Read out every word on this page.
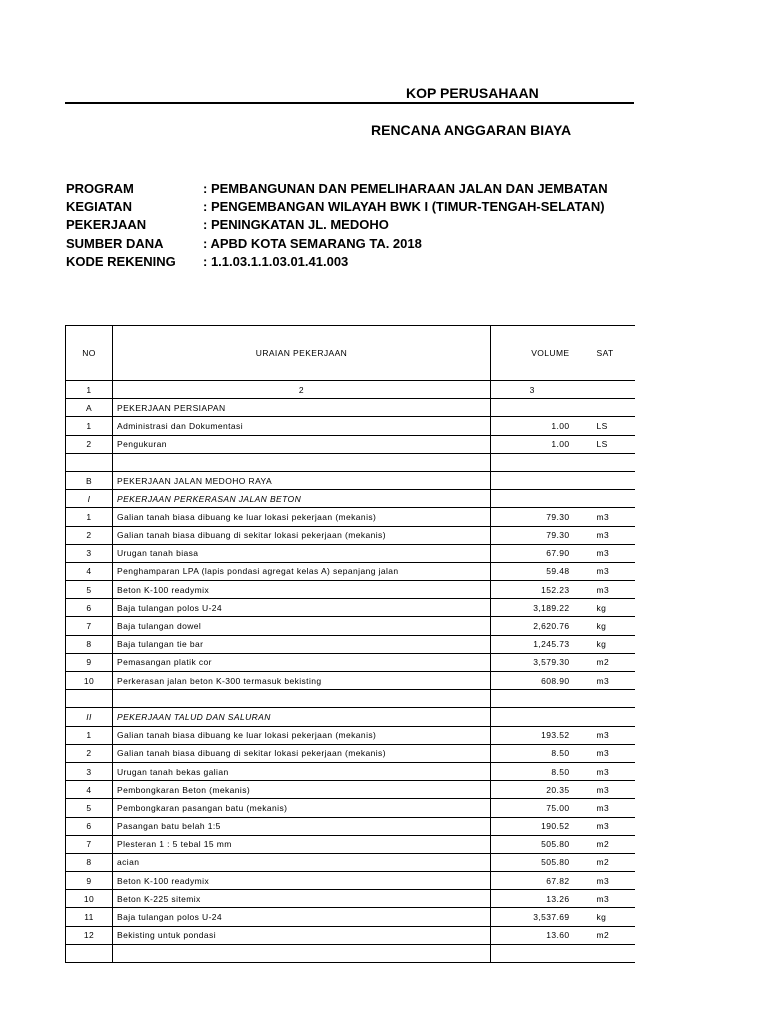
KOP PERUSAHAAN
RENCANA ANGGARAN BIAYA
PROGRAM	: PEMBANGUNAN DAN PEMELIHARAAN JALAN DAN JEMBATAN
KEGIATAN	: PENGEMBANGAN WILAYAH BWK I (TIMUR-TENGAH-SELATAN)
PEKERJAAN	: PENINGKATAN JL. MEDOHO
SUMBER DANA	: APBD KOTA SEMARANG TA. 2018
KODE REKENING : 1.1.03.1.1.03.01.41.003
NO	URAIAN PEKERJAAN	VOLUME	SAT
1	2	3	
A	PEKERJAAN PERSIAPAN		
1	Administrasi dan Dokumentasi	1.00	LS
2	Pengukuran	1.00	LS

B	PEKERJAAN JALAN MEDOHO RAYA		
I	PEKERJAAN PERKERASAN JALAN BETON		
1	Galian tanah biasa dibuang ke luar lokasi pekerjaan (mekanis)	79.30	m3
2	Galian tanah biasa dibuang di sekitar lokasi pekerjaan (mekanis)	79.30	m3
3	Urugan tanah biasa	67.90	m3
4	Penghamparan LPA (lapis pondasi agregat kelas A) sepanjang jalan	59.48	m3
5	Beton K-100 readymix	152.23	m3
6	Baja tulangan polos U-24	3,189.22	kg
7	Baja tulangan dowel	2,620.76	kg
8	Baja tulangan tie bar	1,245.73	kg
9	Pemasangan platik cor	3,579.30	m2
10	Perkerasan jalan beton K-300 termasuk bekisting	608.90	m3

II	PEKERJAAN TALUD DAN SALURAN		
1	Galian tanah biasa dibuang ke luar lokasi pekerjaan (mekanis)	193.52	m3
2	Galian tanah biasa dibuang di sekitar lokasi pekerjaan (mekanis)	8.50	m3
3	Urugan tanah bekas galian	8.50	m3
4	Pembongkaran Beton (mekanis)	20.35	m3
5	Pembongkaran pasangan batu (mekanis)	75.00	m3
6	Pasangan batu belah 1:5	190.52	m3
7	Plesteran 1 : 5 tebal 15 mm	505.80	m2
8	acian	505.80	m2
9	Beton K-100 readymix	67.82	m3
10	Beton K-225 sitemix	13.26	m3
11	Baja tulangan polos U-24	3,537.69	kg
12	Bekisting untuk pondasi	13.60	m2
